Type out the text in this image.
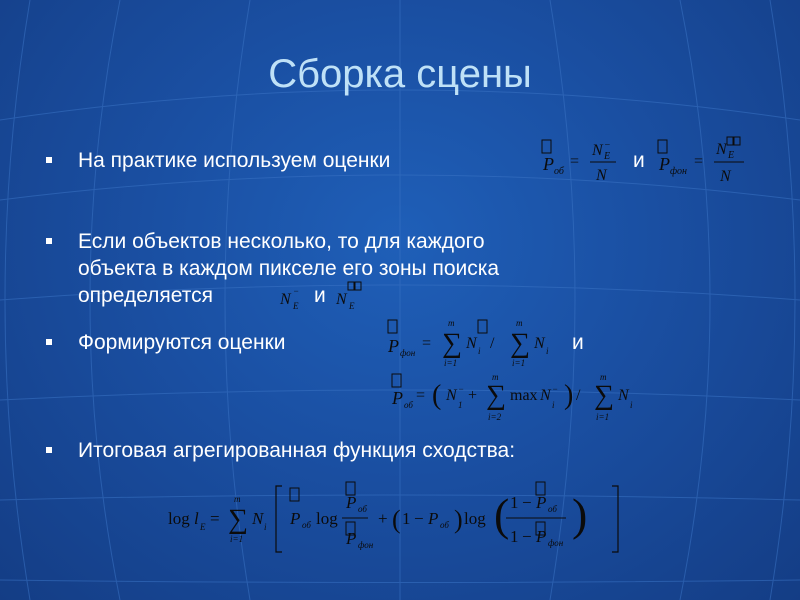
Сборка сцены
На практике используем оценки	P об
=
N −
E
N
и P фон
=
N E
N
Если объектов несколько, то для каждого
объекта в каждом пикселе его зоны поиска
определяется	N −
E и N E
Формируются оценки	P фон
= ∑
m
i=1
N i / ∑
m
i=1
N i и
P об
= ( N
1
− + ∑
m
i=2
max N
i
− ) / ∑
m
i=1
N
i
Итоговая агрегированная функция сходства:
log l E = ∑
m
i=1
N i P об log
P об
P фон
+ ( 1 − P об ) log ( 1 − P об
1 − P фон
)
